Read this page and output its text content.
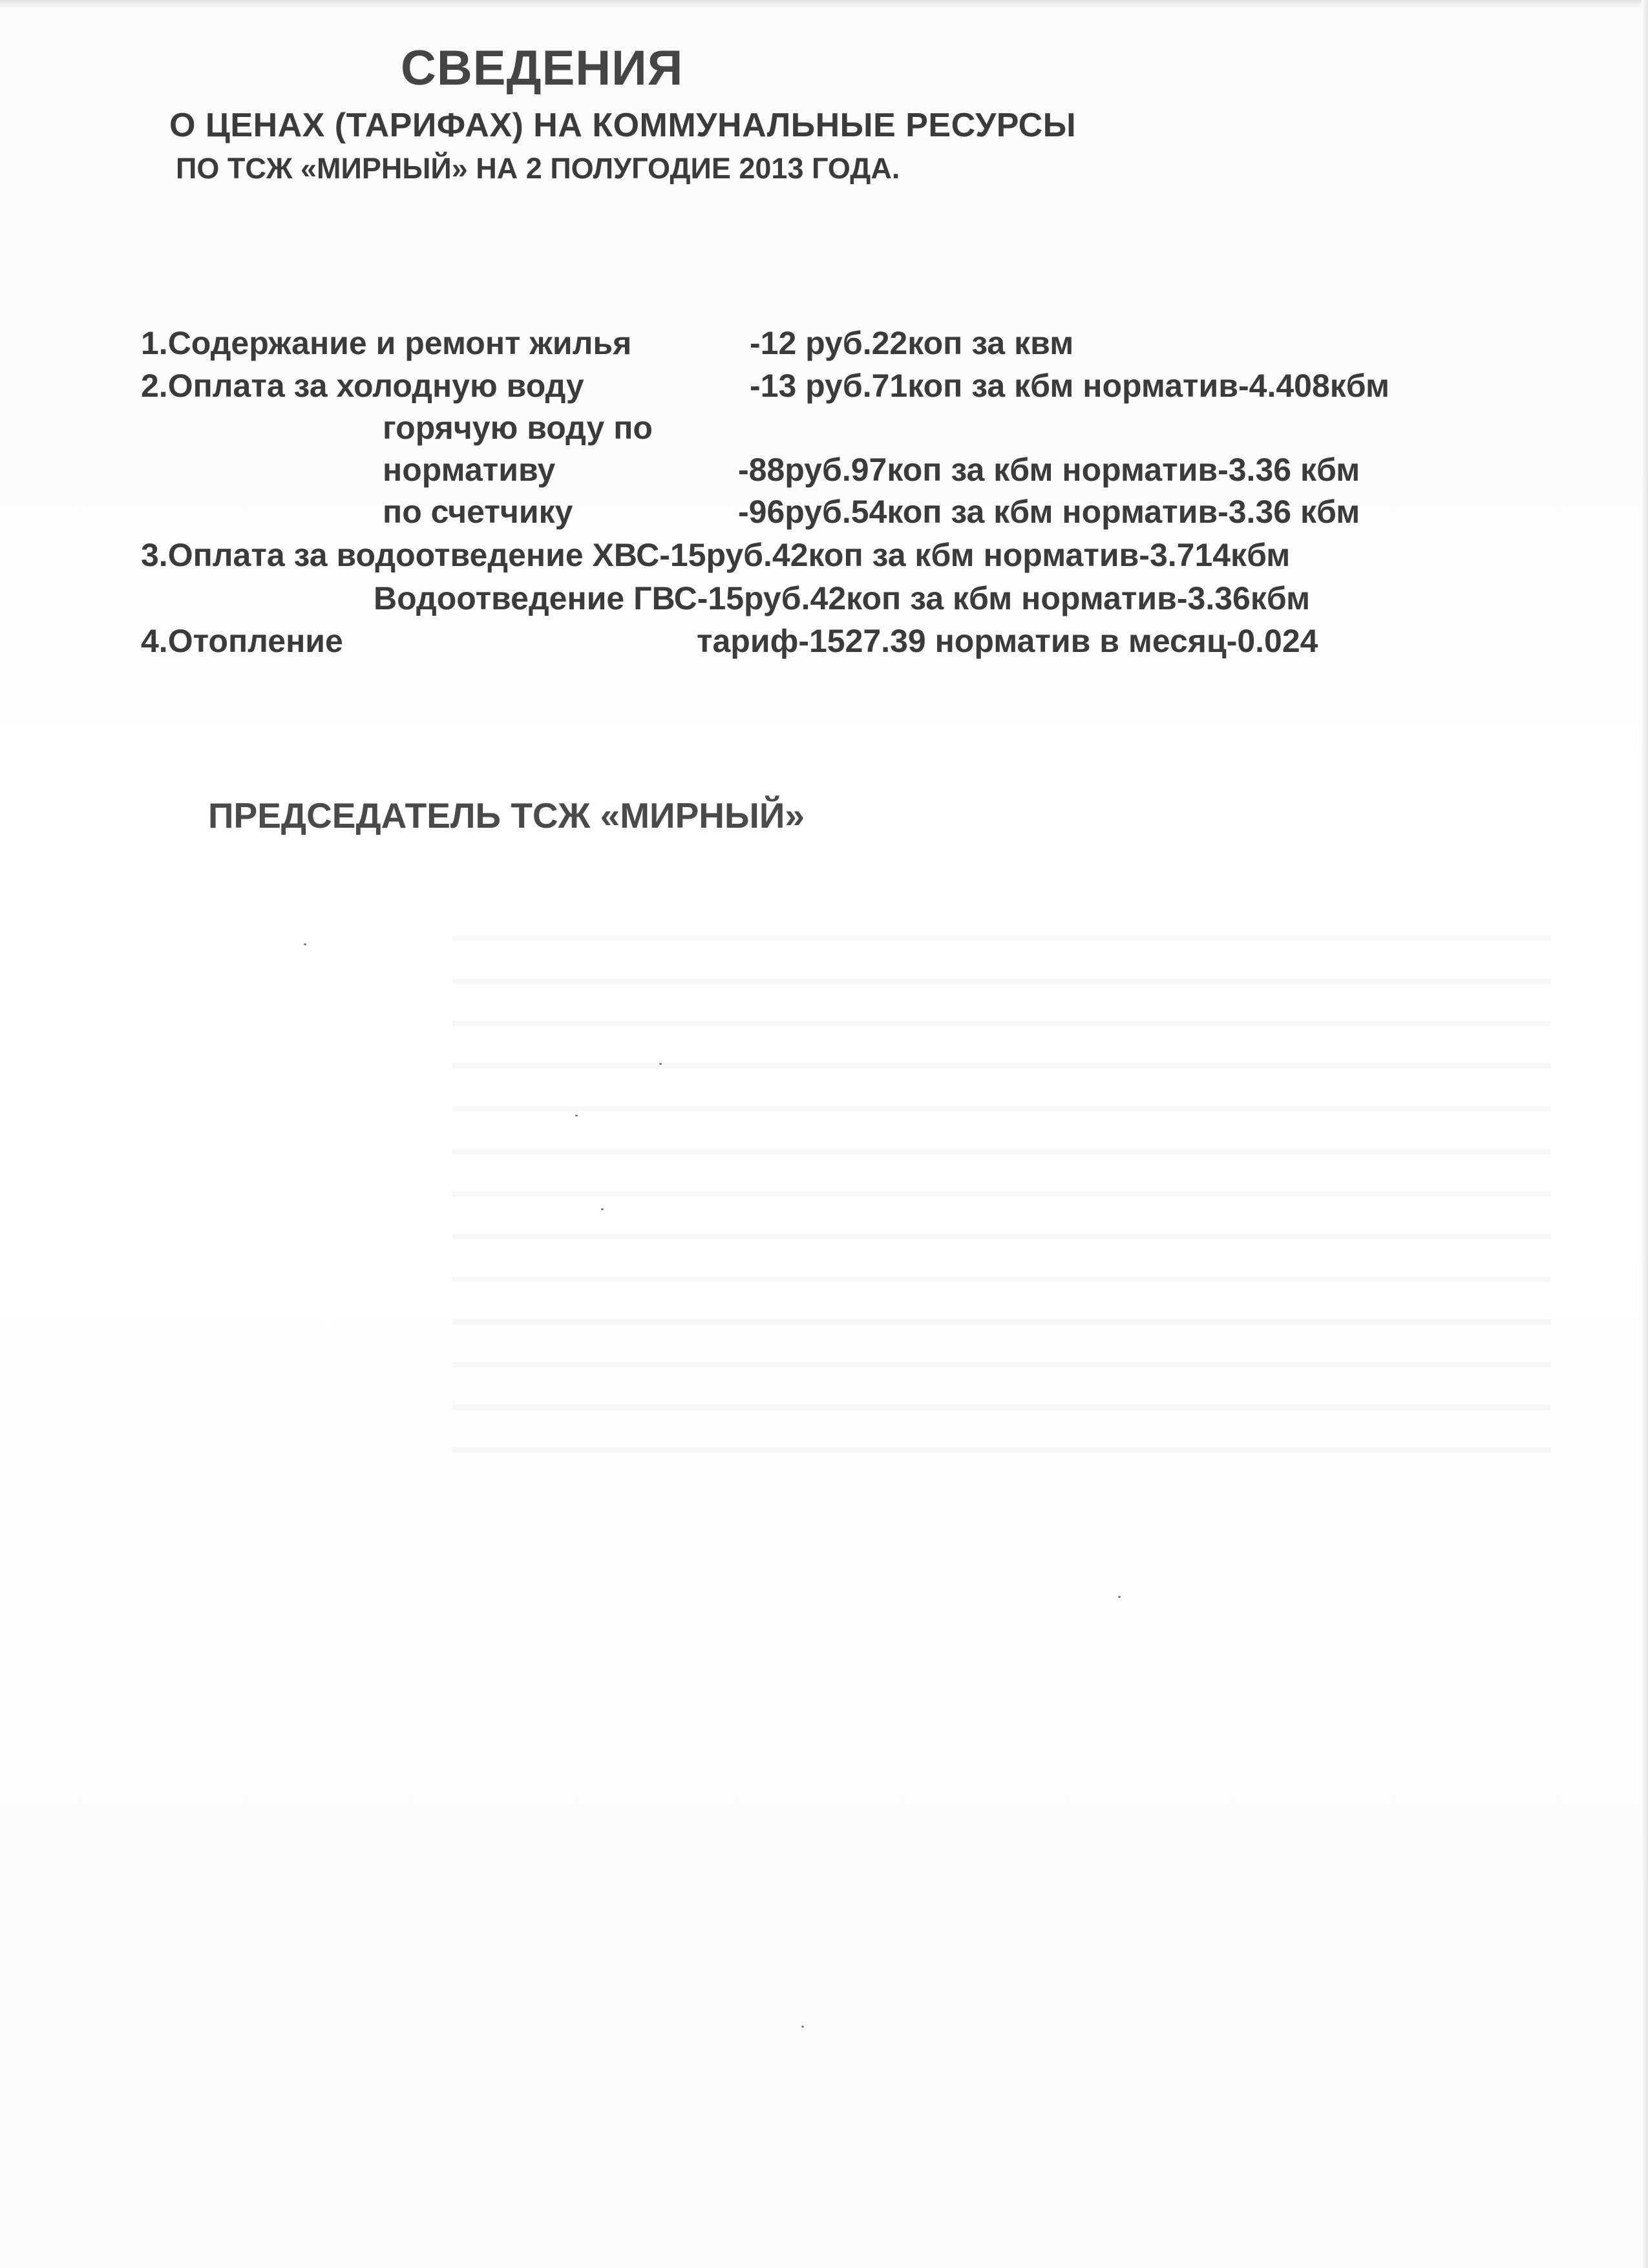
СВЕДЕНИЯ
О ЦЕНАХ (ТАРИФАХ) НА КОММУНАЛЬНЫЕ РЕСУРСЫ
ПО ТСЖ «МИРНЫЙ» НА 2 ПОЛУГОДИЕ 2013 ГОДА.
1.Содержание и ремонт жилья	-12 руб.22коп за квм
2.Оплата за холодную воду	-13 руб.71коп за кбм норматив-4.408кбм
горячую воду по
нормативу	-88руб.97коп за кбм норматив-3.36 кбм
по счетчику	-96руб.54коп за кбм норматив-3.36 кбм
3.Оплата за водоотведение ХВС-15руб.42коп за кбм норматив-3.714кбм
Водоотведение ГВС-15руб.42коп за кбм норматив-3.36кбм
4.Отопление	тариф-1527.39 норматив в месяц-0.024
ПРЕДСЕДАТЕЛЬ ТСЖ «МИРНЫЙ»
